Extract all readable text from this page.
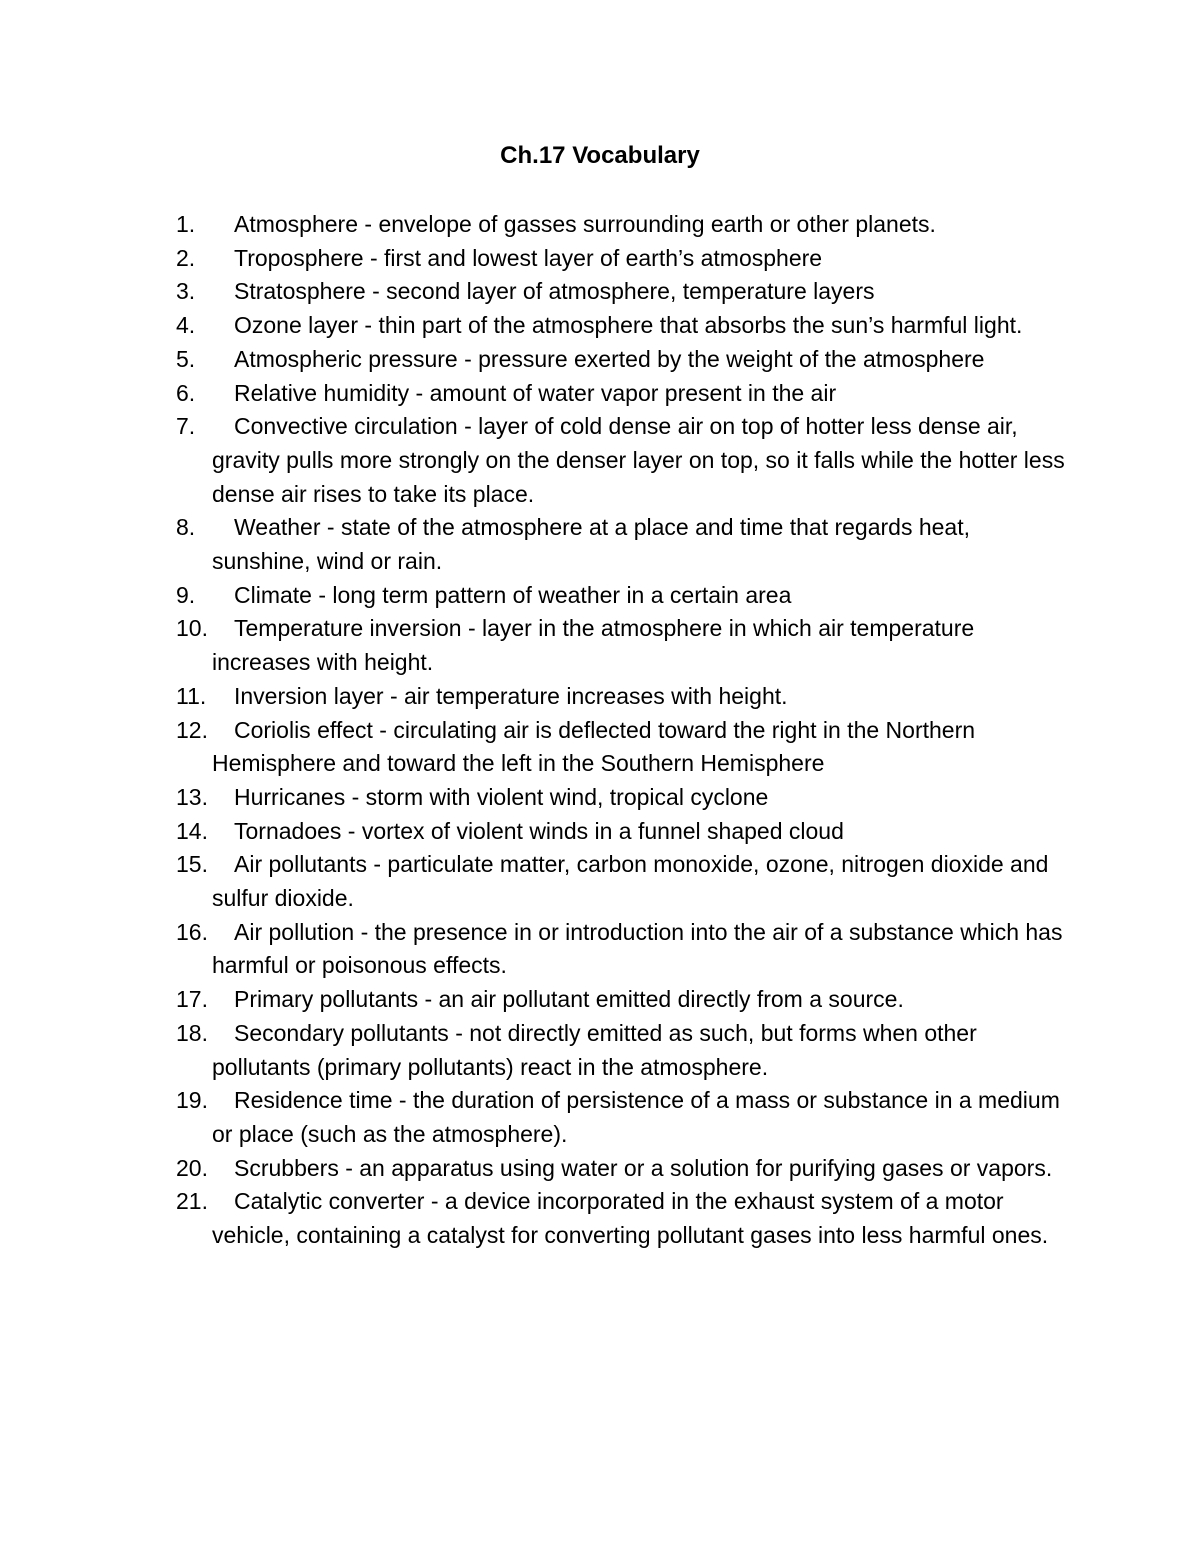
Ch.17 Vocabulary
1.	Atmosphere - envelope of gasses surrounding earth or other planets.
2.	Troposphere - first and lowest layer of earth’s atmosphere
3.	Stratosphere - second layer of atmosphere, temperature layers
4.	Ozone layer - thin part of the atmosphere that absorbs the sun’s harmful light.
5.	Atmospheric pressure - pressure exerted by the weight of the atmosphere
6.	Relative humidity - amount of water vapor present in the air
7.	Convective circulation - layer of cold dense air on top of hotter less dense air, gravity pulls more strongly on the denser layer on top, so it falls while the hotter less dense air rises to take its place.
8.	Weather - state of the atmosphere at a place and time that regards heat, sunshine, wind or rain.
9.	Climate - long term pattern of weather in a certain area
10.	Temperature inversion - layer in the atmosphere in which air temperature increases with height.
11.	Inversion layer - air temperature increases with height.
12.	Coriolis effect - circulating air is deflected toward the right in the Northern Hemisphere and toward the left in the Southern Hemisphere
13.	Hurricanes - storm with violent wind, tropical cyclone
14.	Tornadoes - vortex of violent winds in a funnel shaped cloud
15.	Air pollutants - particulate matter, carbon monoxide, ozone, nitrogen dioxide and sulfur dioxide.
16.	Air pollution - the presence in or introduction into the air of a substance which has harmful or poisonous effects.
17.	Primary pollutants - an air pollutant emitted directly from a source.
18.	Secondary pollutants - not directly emitted as such, but forms when other pollutants (primary pollutants) react in the atmosphere.
19.	Residence time - the duration of persistence of a mass or substance in a medium or place (such as the atmosphere).
20.	Scrubbers - an apparatus using water or a solution for purifying gases or vapors.
21.	Catalytic converter - a device incorporated in the exhaust system of a motor vehicle, containing a catalyst for converting pollutant gases into less harmful ones.
